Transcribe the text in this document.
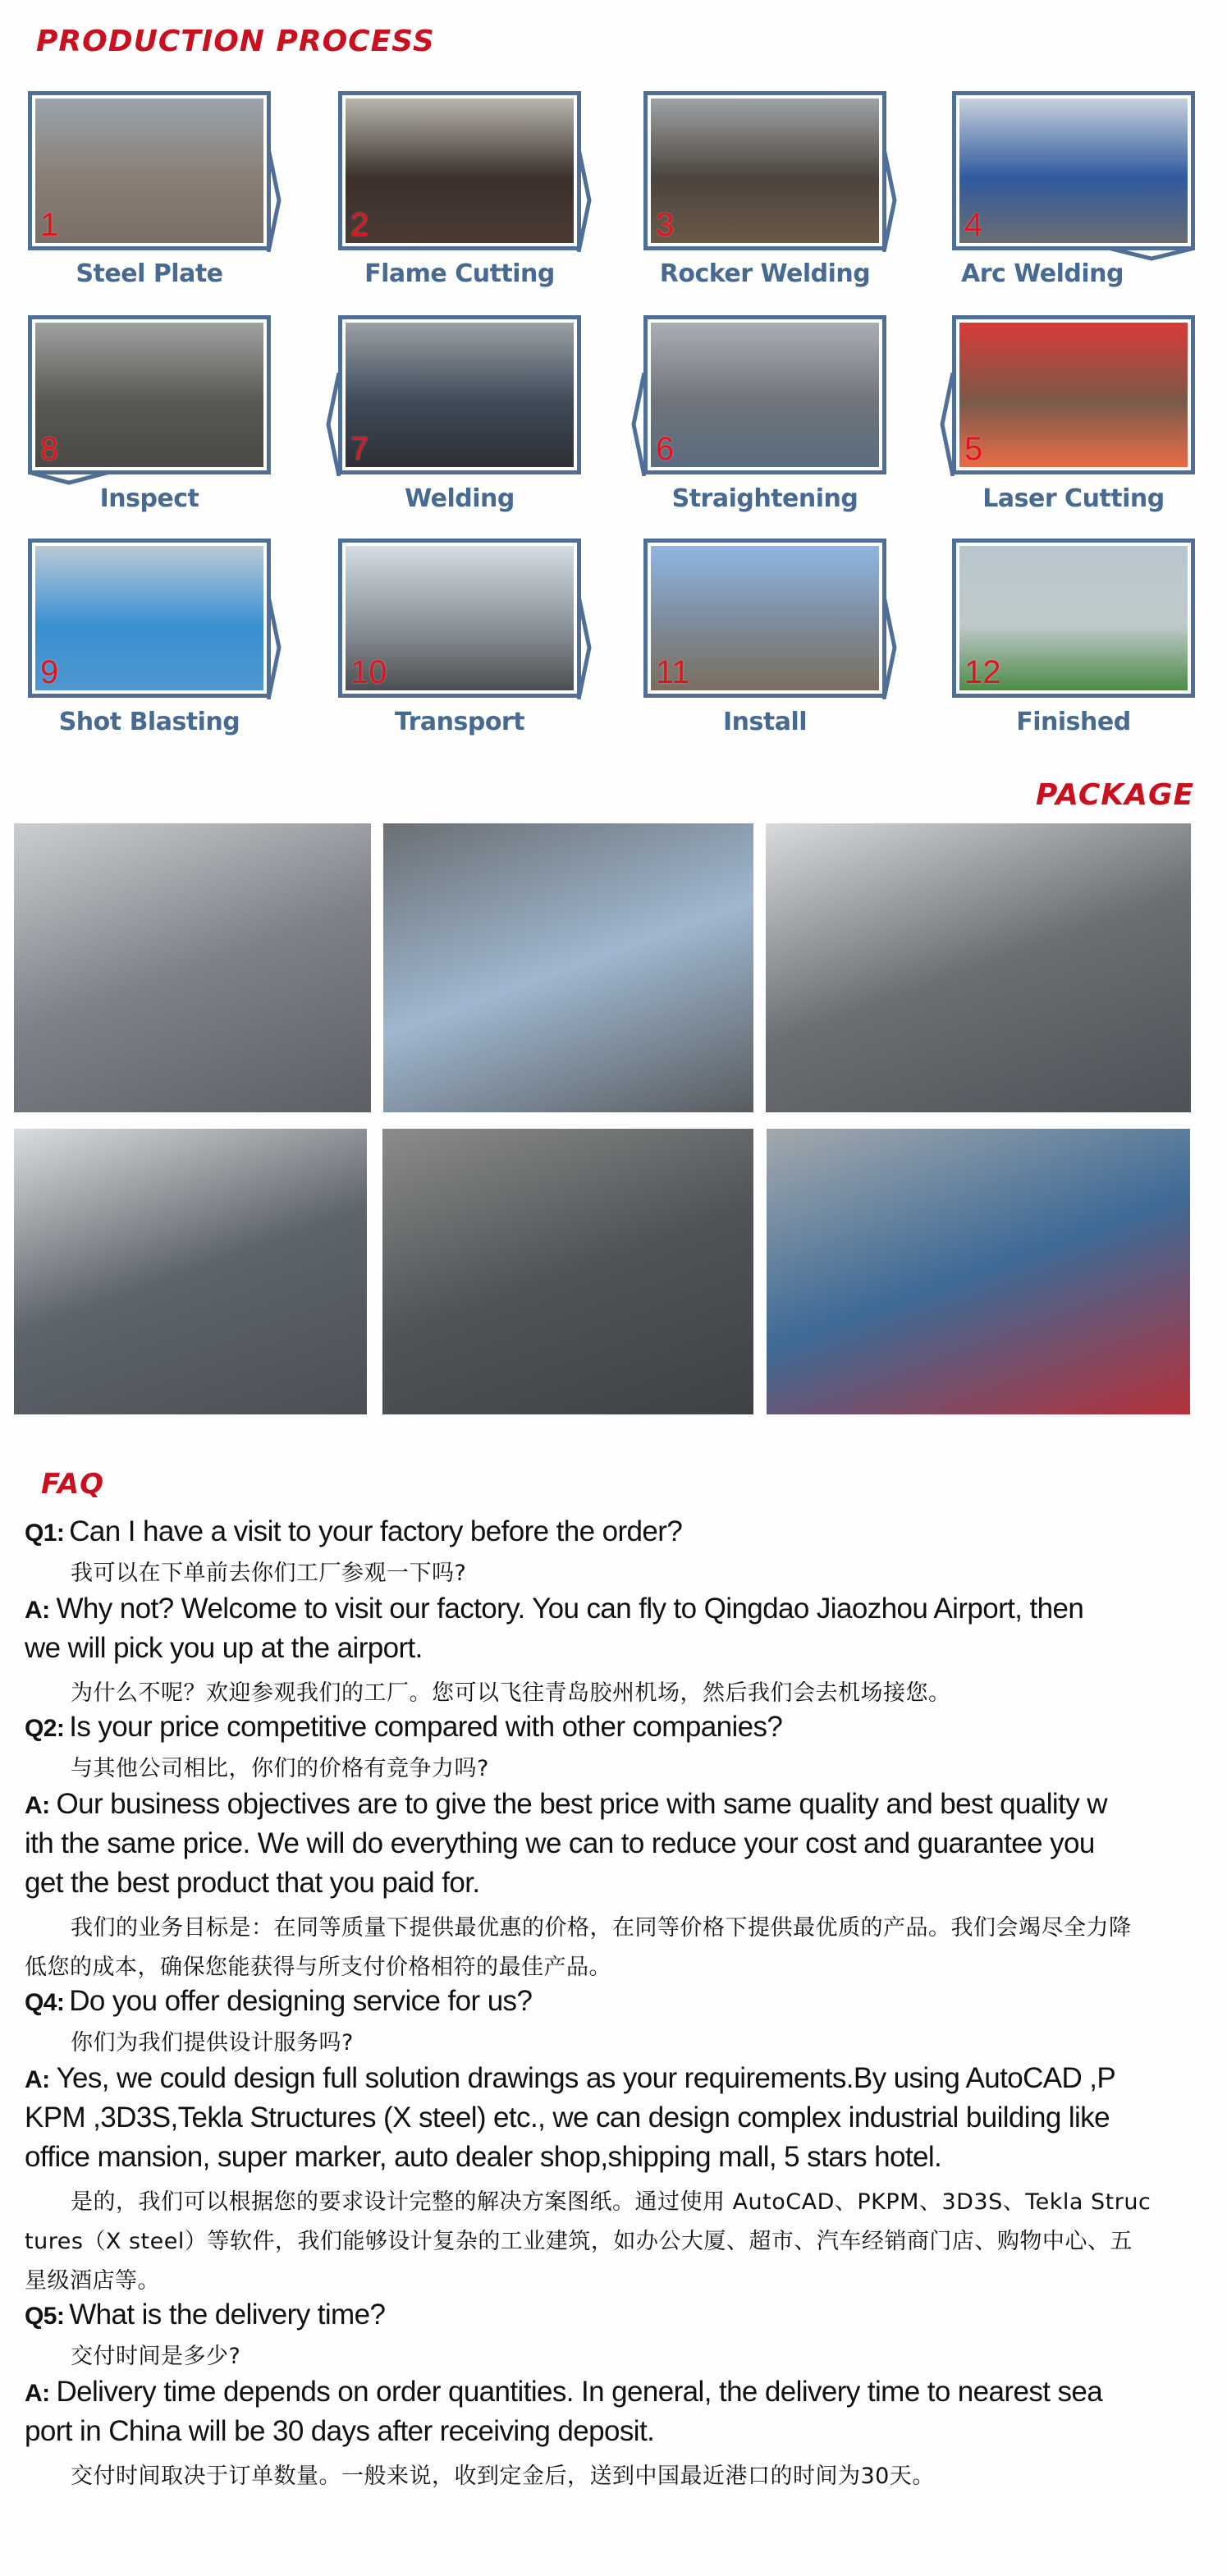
PRODUCTION PROCESS
1
Steel Plate
2
Flame Cutting
3
Rocker Welding
4
Arc Welding
8
Inspect
7
Welding
6
Straightening
5
Laser Cutting
9
Shot Blasting
10
Transport
11
Install
12
Finished
PACKAGE
FAQ
Q1: Can I have a visit to your factory before the order?
我可以在下单前去你们工厂参观一下吗?
A: Why not? Welcome to visit our factory. You can fly to Qingdao Jiaozhou Airport, then
we will pick you up at the airport.
为什么不呢？欢迎参观我们的工厂。您可以飞往青岛胶州机场，然后我们会去机场接您。
Q2: Is your price competitive compared with other companies?
与其他公司相比，你们的价格有竞争力吗?
A: Our business objectives are to give the best price with same quality and best quality w
ith the same price. We will do everything we can to reduce your cost and guarantee you
get the best product that you paid for.
我们的业务目标是：在同等质量下提供最优惠的价格，在同等价格下提供最优质的产品。我们会竭尽全力降
低您的成本，确保您能获得与所支付价格相符的最佳产品。
Q4: Do you offer designing service for us?
你们为我们提供设计服务吗?
A: Yes, we could design full solution drawings as your requirements.By using AutoCAD ,P
KPM ,3D3S,Tekla Structures (X steel) etc., we can design complex industrial building like
office mansion, super marker, auto dealer shop,shipping mall, 5 stars hotel.
是的，我们可以根据您的要求设计完整的解决方案图纸。通过使用 AutoCAD、PKPM、3D3S、Tekla Struc
tures（X steel）等软件，我们能够设计复杂的工业建筑，如办公大厦、超市、汽车经销商门店、购物中心、五
星级酒店等。
Q5: What is the delivery time?
交付时间是多少?
A: Delivery time depends on order quantities. In general, the delivery time to nearest sea
port in China will be 30 days after receiving deposit.
交付时间取决于订单数量。一般来说，收到定金后，送到中国最近港口的时间为30天。
